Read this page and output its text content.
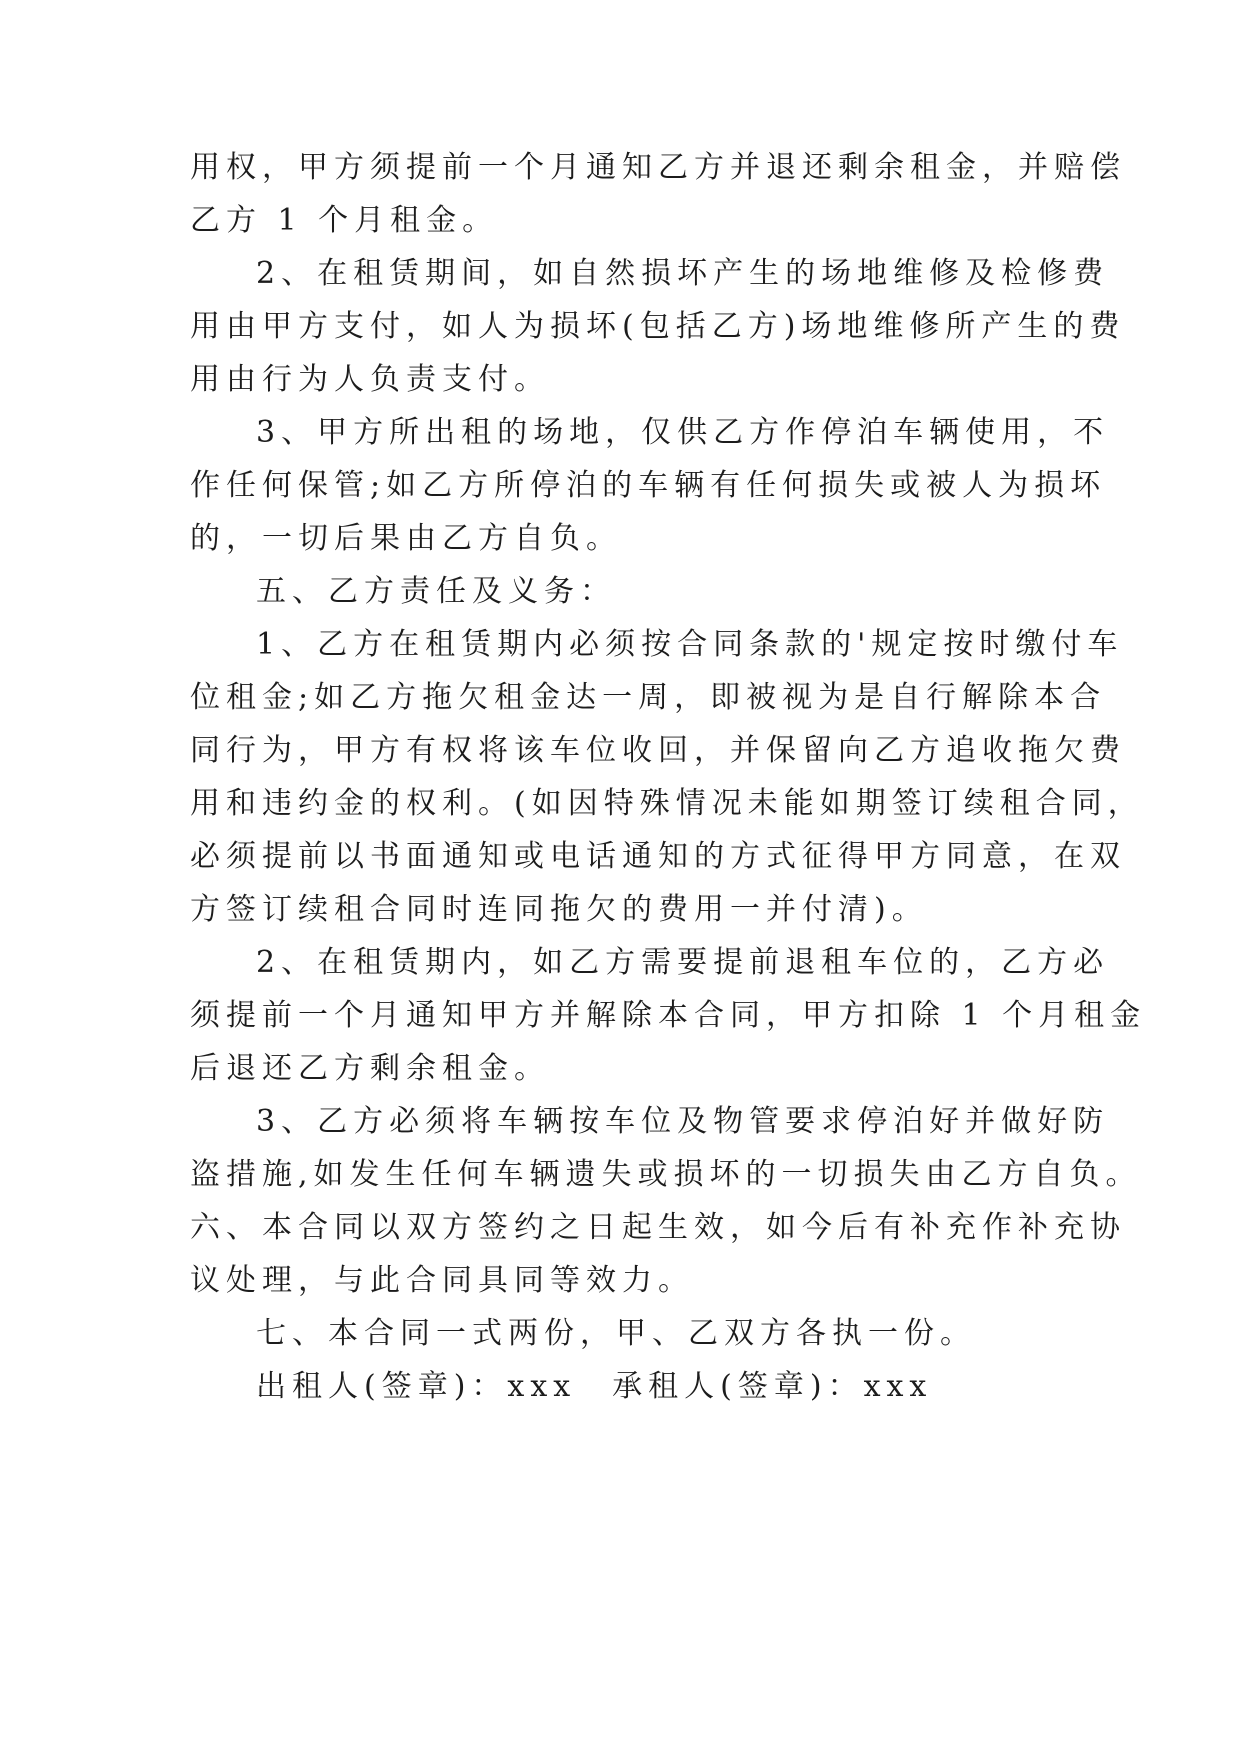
用权，甲方须提前一个月通知乙方并退还剩余租金，并赔偿
乙方 1 个月租金。
2、在租赁期间，如自然损坏产生的场地维修及检修费
用由甲方支付，如人为损坏(包括乙方)场地维修所产生的费
用由行为人负责支付。
3、甲方所出租的场地，仅供乙方作停泊车辆使用，不
作任何保管;如乙方所停泊的车辆有任何损失或被人为损坏
的，一切后果由乙方自负。
五、乙方责任及义务：
1、乙方在租赁期内必须按合同条款的'规定按时缴付车
位租金;如乙方拖欠租金达一周，即被视为是自行解除本合
同行为，甲方有权将该车位收回，并保留向乙方追收拖欠费
用和违约金的权利。(如因特殊情况未能如期签订续租合同，
必须提前以书面通知或电话通知的方式征得甲方同意，在双
方签订续租合同时连同拖欠的费用一并付清)。
2、在租赁期内，如乙方需要提前退租车位的，乙方必
须提前一个月通知甲方并解除本合同，甲方扣除 1 个月租金
后退还乙方剩余租金。
3、乙方必须将车辆按车位及物管要求停泊好并做好防
盗措施,如发生任何车辆遗失或损坏的一切损失由乙方自负。
六、本合同以双方签约之日起生效，如今后有补充作补充协
议处理，与此合同具同等效力。
七、本合同一式两份，甲、乙双方各执一份。
出租人(签章)：xxx　承租人(签章)：xxx
